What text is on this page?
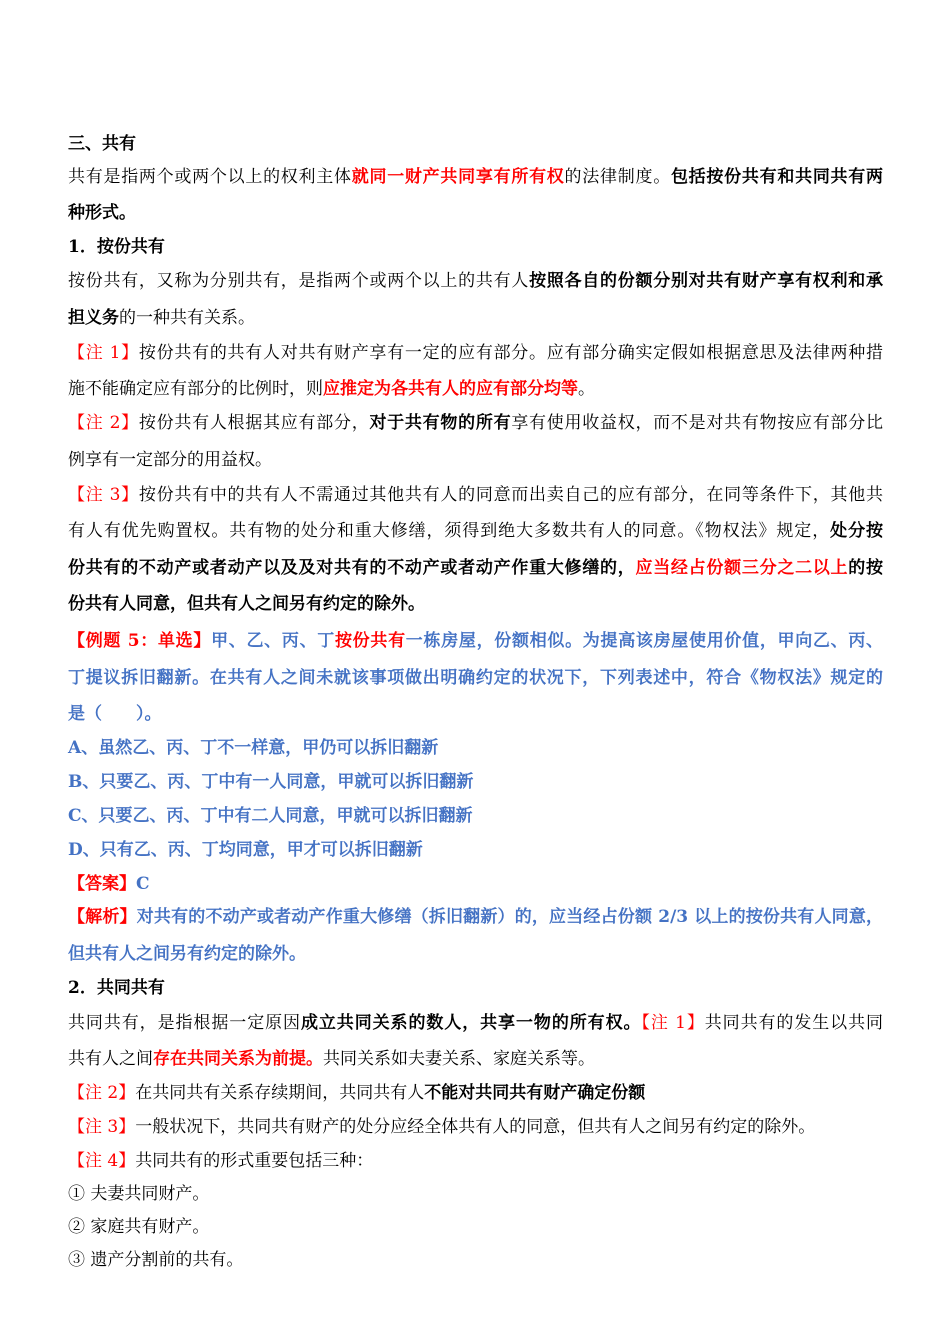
三、共有
共有是指两个或两个以上的权利主体就同一财产共同享有所有权的法律制度。包括按份共有和共同共有两
种形式。
1．按份共有
按份共有，又称为分别共有，是指两个或两个以上的共有人按照各自的份额分别对共有财产享有权利和承
担义务的一种共有关系。
【注 1】按份共有的共有人对共有财产享有一定的应有部分。应有部分确实定假如根据意思及法律两种措
施不能确定应有部分的比例时，则应推定为各共有人的应有部分均等。
【注 2】按份共有人根据其应有部分，对于共有物的所有享有使用收益权，而不是对共有物按应有部分比
例享有一定部分的用益权。
【注 3】按份共有中的共有人不需通过其他共有人的同意而出卖自己的应有部分，在同等条件下，其他共
有人有优先购置权。共有物的处分和重大修缮，须得到绝大多数共有人的同意。《物权法》规定，处分按
份共有的不动产或者动产以及及对共有的不动产或者动产作重大修缮的，应当经占份额三分之二以上的按
份共有人同意，但共有人之间另有约定的除外。
【例题 5：单选】甲、乙、丙、丁按份共有一栋房屋，份额相似。为提高该房屋使用价值，甲向乙、丙、
丁提议拆旧翻新。在共有人之间未就该事项做出明确约定的状况下，下列表述中，符合《物权法》规定的
是（　　）。
A、虽然乙、丙、丁不一样意，甲仍可以拆旧翻新
B、只要乙、丙、丁中有一人同意，甲就可以拆旧翻新
C、只要乙、丙、丁中有二人同意，甲就可以拆旧翻新
D、只有乙、丙、丁均同意，甲才可以拆旧翻新
【答案】C
【解析】对共有的不动产或者动产作重大修缮（拆旧翻新）的，应当经占份额 2/3 以上的按份共有人同意，
但共有人之间另有约定的除外。
2．共同共有
共同共有，是指根据一定原因成立共同关系的数人，共享一物的所有权。【注 1】共同共有的发生以共同
共有人之间存在共同关系为前提。共同关系如夫妻关系、家庭关系等。
【注 2】在共同共有关系存续期间，共同共有人不能对共同共有财产确定份额
【注 3】一般状况下，共同共有财产的处分应经全体共有人的同意，但共有人之间另有约定的除外。
【注 4】共同共有的形式重要包括三种：
① 夫妻共同财产。
② 家庭共有财产。
③ 遗产分割前的共有。
